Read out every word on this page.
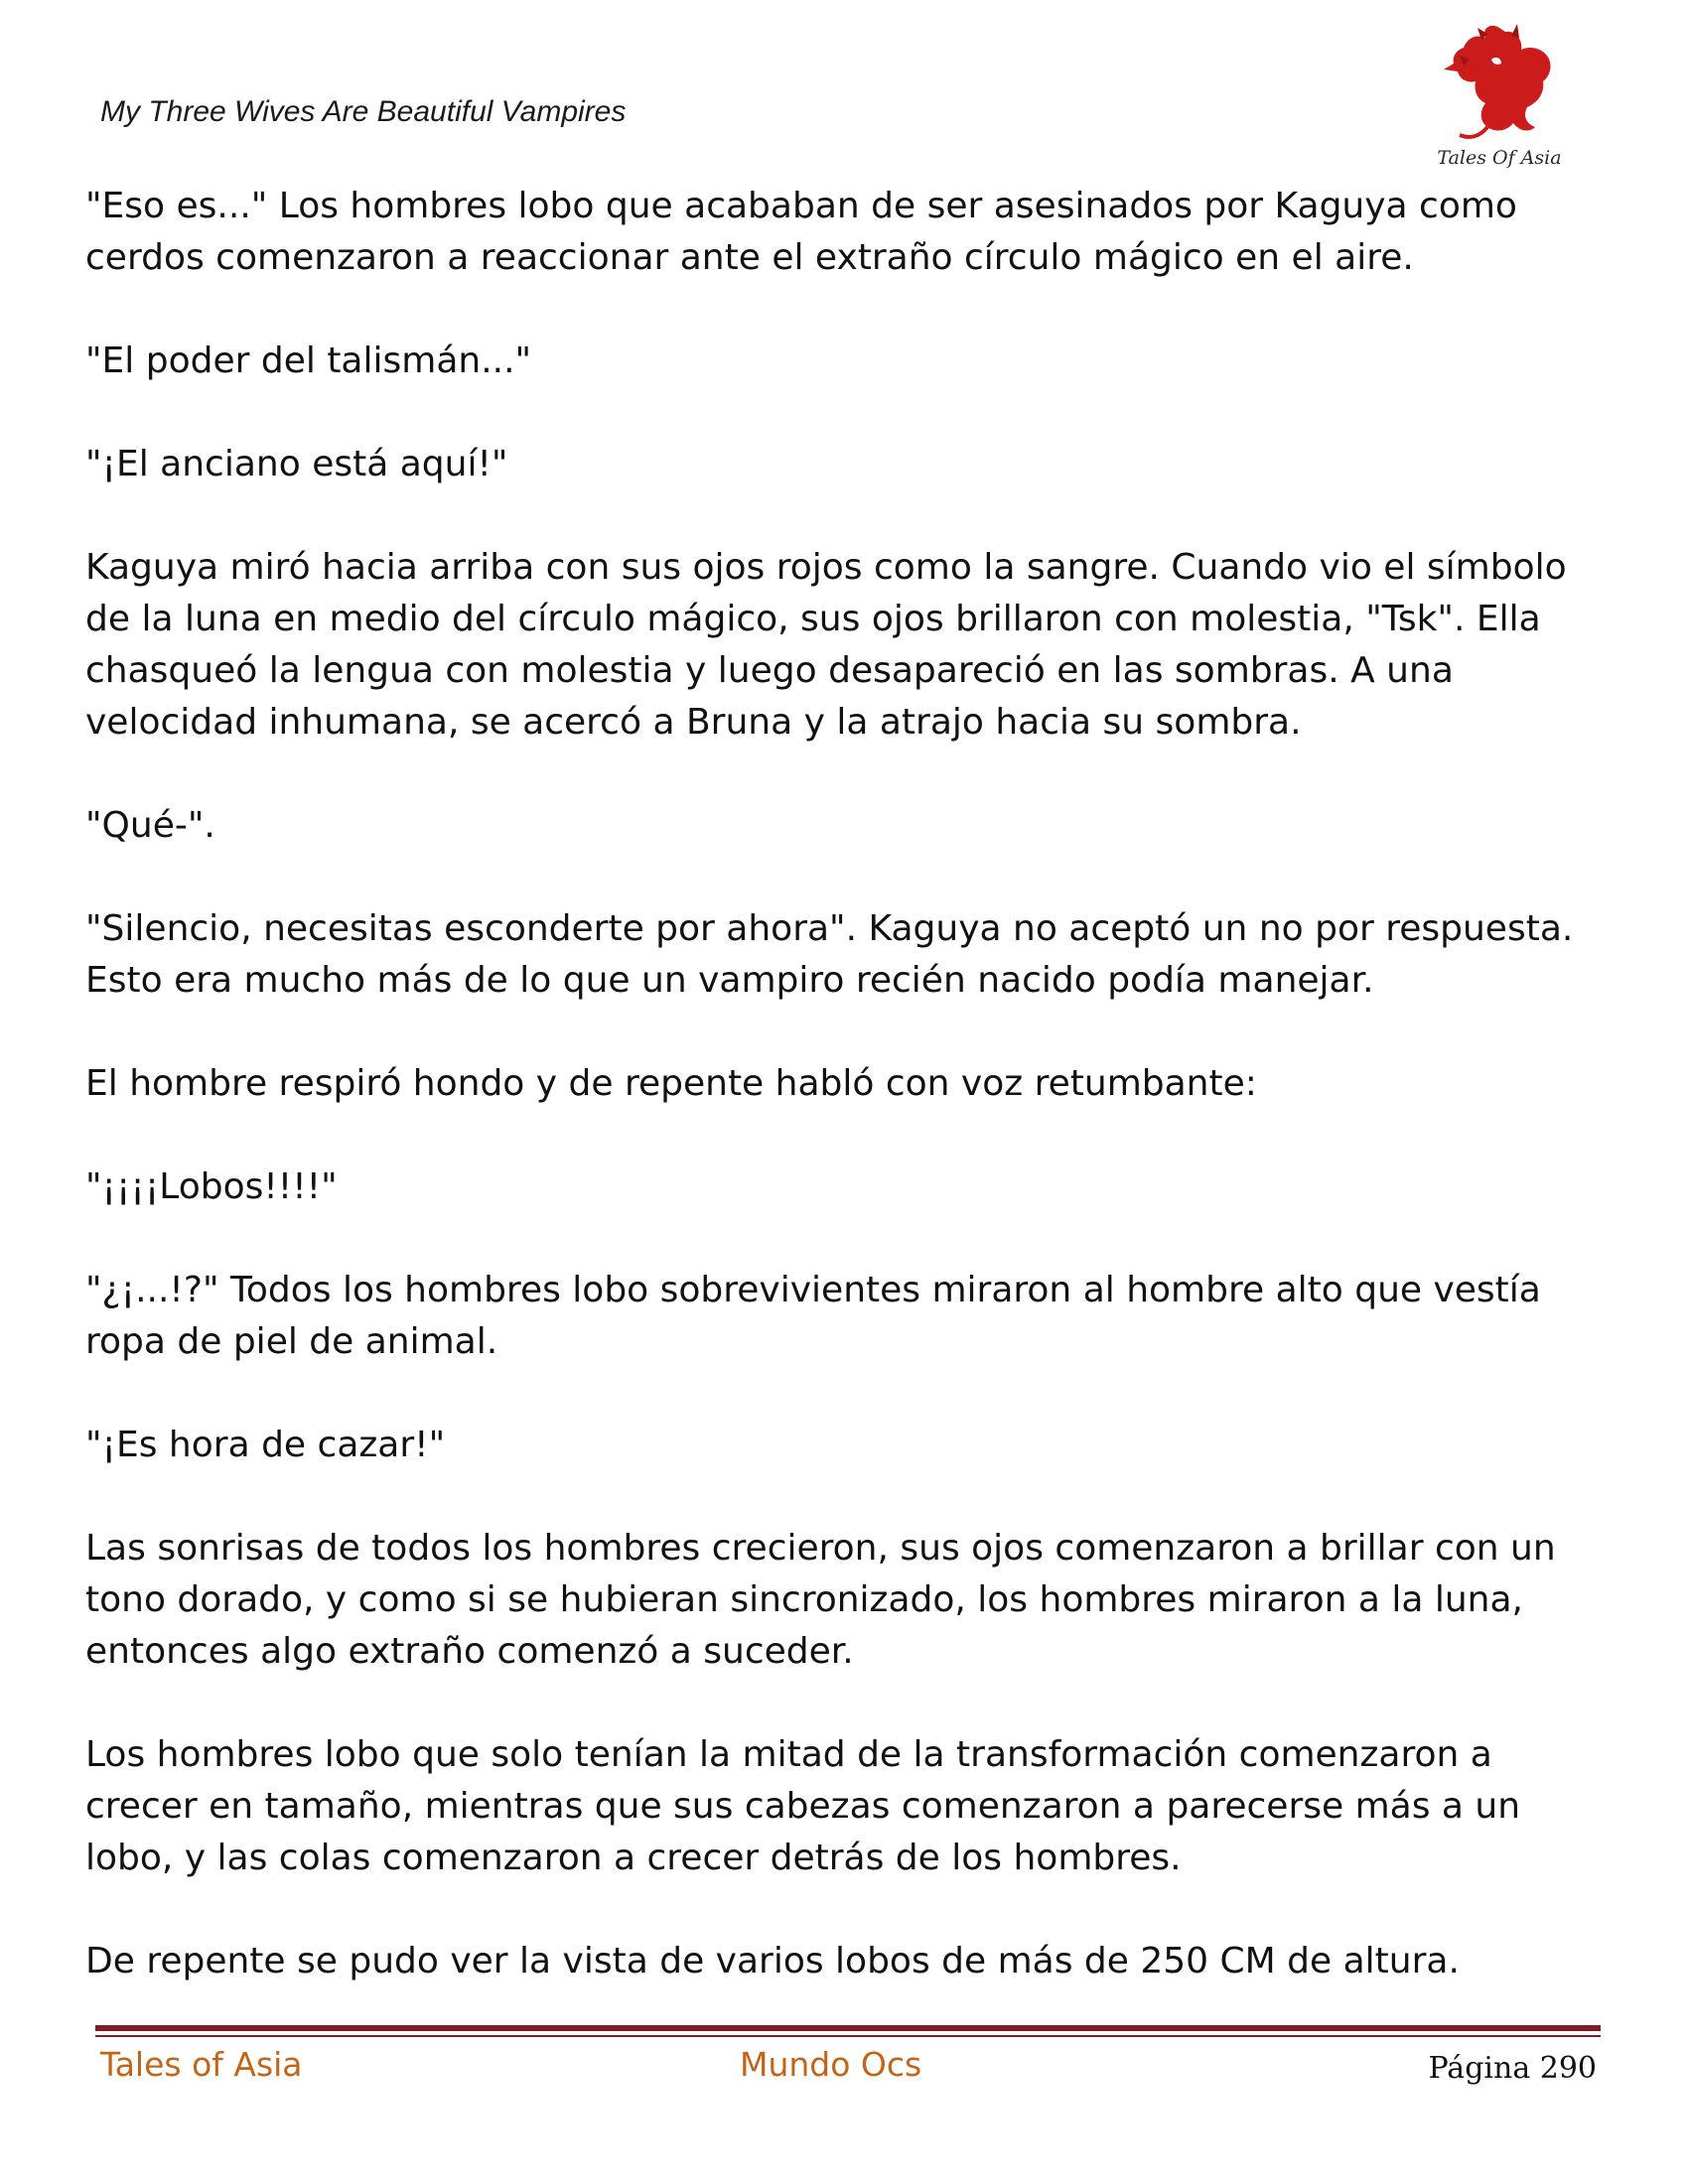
My Three Wives Are Beautiful Vampires
Tales Of Asia

"Eso es..." Los hombres lobo que acababan de ser asesinados por Kaguya como cerdos comenzaron a reaccionar ante el extraño círculo mágico en el aire.

"El poder del talismán..."

"¡El anciano está aquí!"

Kaguya miró hacia arriba con sus ojos rojos como la sangre. Cuando vio el símbolo de la luna en medio del círculo mágico, sus ojos brillaron con molestia, "Tsk". Ella chasqueó la lengua con molestia y luego desapareció en las sombras. A una velocidad inhumana, se acercó a Bruna y la atrajo hacia su sombra.

"Qué-".

"Silencio, necesitas esconderte por ahora". Kaguya no aceptó un no por respuesta. Esto era mucho más de lo que un vampiro recién nacido podía manejar.

El hombre respiró hondo y de repente habló con voz retumbante:

"¡¡¡¡Lobos!!!!"

"¿¡...!?" Todos los hombres lobo sobrevivientes miraron al hombre alto que vestía ropa de piel de animal.

"¡Es hora de cazar!"

Las sonrisas de todos los hombres crecieron, sus ojos comenzaron a brillar con un tono dorado, y como si se hubieran sincronizado, los hombres miraron a la luna, entonces algo extraño comenzó a suceder.

Los hombres lobo que solo tenían la mitad de la transformación comenzaron a crecer en tamaño, mientras que sus cabezas comenzaron a parecerse más a un lobo, y las colas comenzaron a crecer detrás de los hombres.

De repente se pudo ver la vista de varios lobos de más de 250 CM de altura.

Tales of Asia	Mundo Ocs	Página 290
